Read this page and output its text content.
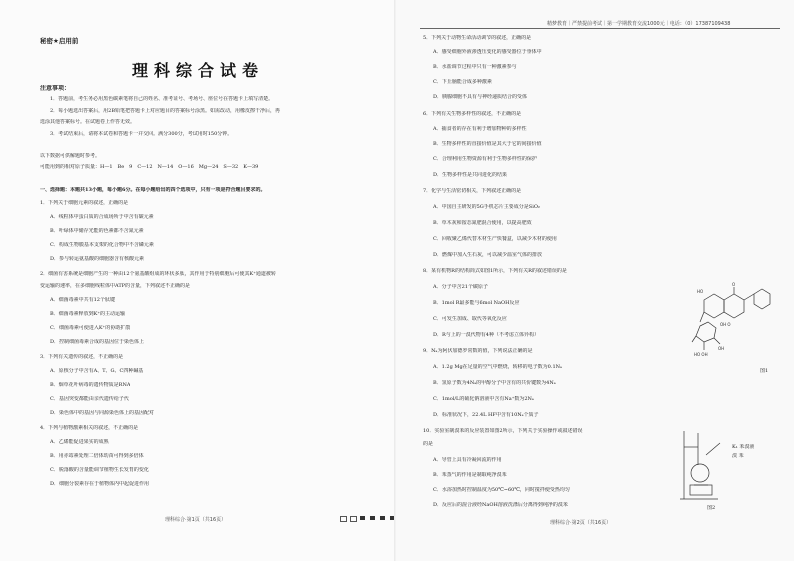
秘密★启用前
理科综合试卷
注意事项：
1．答题前，考生务必用黑色碳素笔将自己的姓名、准考证号、考场号、座位号在答题卡上填写清楚。
2．每小题选出答案后，用2B铅笔把答题卡上对应题目的答案标号涂黑。如需改动，用橡皮擦干净后，再
选涂其他答案标号。在试题卷上作答无效。
3．考试结束后，请将本试卷和答题卡一并交回。满分300分，考试用时150分钟。
以下数据可供解题时参考。
可能用到的相对原子质量：H—1　Be　9　C—12　N—14　O—16　Mg—24　S—32　K—39
一、选择题：本题共13小题，每小题6分。在每小题给出的四个选项中，只有一项是符合题目要求的。
1．下列关于细胞元素的叙述，正确的是
A．线粒体中蛋白质的合成场所于中含有碳元素
B．叶绿体中储存光能的色素都不含氮元素
C．构成生物膜基本支架的化合物中不含磷元素
D．参与转运氨基酸的细胞器含有核酸元素
2．细菌有害系统是细胞产生的一种由12个氨基酸组成的环状多肽，其作用于特别细胞后可使其K⁺通道被转
变运输的速率，在多细胞线粒体中ATP的含量，下列叙述不正确的是
A．细菌毒素中共有12个肽键
B．细菌毒素释放到K⁺的主动运输
C．细菌毒素可使进入K⁺的协助扩散
D．控制细菌毒素合成的基因位于染色体上
3．下列有关遗传的叙述，不正确的是
A．原核分子中含有A、T、G、C四种碱基
B．烟草花叶病毒的遗传物质是RNA
C．基因突变都能由亲代遗传给子代
D．染色体中的基因与同源染色体上的基因配对
4．下列与植物激素相关的叙述，不正确的是
A．乙烯能促进果实的成熟
B．用赤霉素处理二倍体幼苗可得到多倍体
C．脱落酸的含量能调节植物生长发育的变化
D．细胞分裂素存在于植物体内中起促进作用
理科综合·第1页（共16页）
精梦教育｜严禁提前考试｜第一学期教育交流1000元｜电话：（0）17387109438
5．下列关于动物生命活动调节的叙述，正确的是
A．感受细胞外液渗透压变化的感受器位于垂体中
B．水盐调节过程中只有一种激素参与
C．下丘脑能合成多种激素
D．胰腺细胞不具有与神经递质结合的受体
6．下列有关生物多样性的叙述，不正确的是
A．捕食者的存在有利于增加物种的多样性
B．生物多样性的直接价值是其大于它的间接价值
C．合理利用生物资源有利于生物多样性的保护
D．生物多样性是共同进化的结果
7．化学与生活密切相关，下列叙述正确的是
A．中国自主研发的5G手机芯片主要成分是SiO₂
B．草木灰和铵态氮肥混合使用，以提高肥效
C．回收聚乙烯代替木材生产快餐盒，以减少木材的使用
D．燃煤中加入生石灰，可以减少温室气体的排放
8．某有机物R的结构简式如图1所示，下列有关R的叙述错误的是
A．分子中含21个碳原子
B．1mol R最多能与6mol NaOH反应
C．可发生加成、取代等氧化反应
D．R与上的一溴代物有4种（不考虑立体异构）
9．Nₐ为阿伏加德罗常数的值，下列说法正确的是
A．1.2g Mg在足量的空气中燃烧，转移的电子数为0.1Nₐ
B．氢原子数为4Nₐ的甲醇分子中含有的共价键数为4Nₐ
C．1mol/L的硫化钠溶液中含有Na⁺数为2Nₐ
D．标准状况下，22.4L HF中含有10Nₐ个质子
10．实验室制溴苯的反应装置如图2所示，下列关于实验操作或叙述错误
的是
A．导管上具有冷凝回流的作用
B．苯蒸气的作用是制取纯净溴苯
C．水浴加热时控制温度为50℃~60℃，同时搅拌使受热均匀
D．反应后的混合液经NaOH溶液洗涤后分离得到纯净的溴苯
O
HO
OH O
HO OH
OH
图1
K₁ 苯溴液
溴 苯
图2
理科综合·第2页（共16页）
